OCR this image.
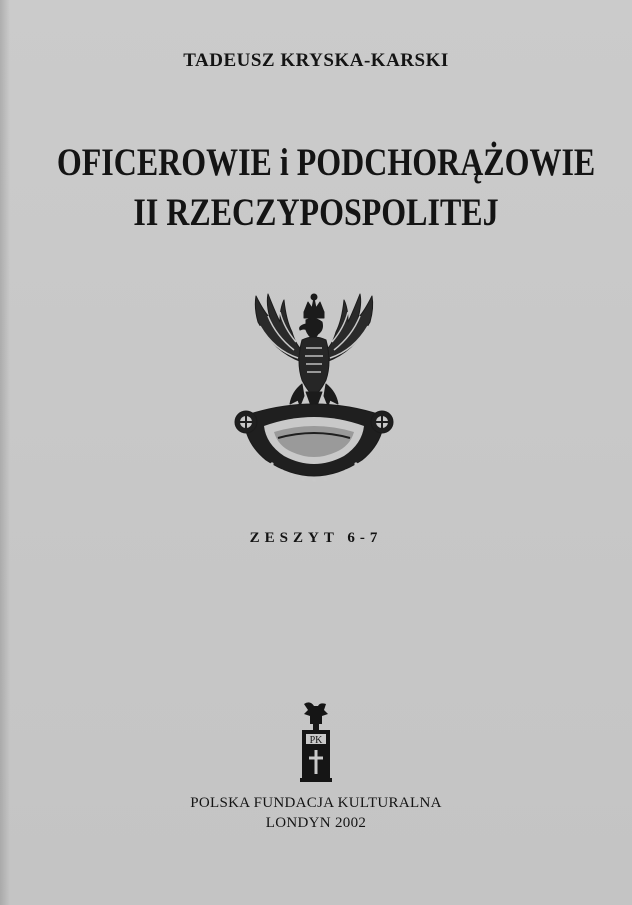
TADEUSZ KRYSKA-KARSKI
OFICEROWIE i PODCHORĄŻOWIE
II RZECZYPOSPOLITEJ
ZESZYT 6-7
PK
POLSKA FUNDACJA KULTURALNA
LONDYN 2002
